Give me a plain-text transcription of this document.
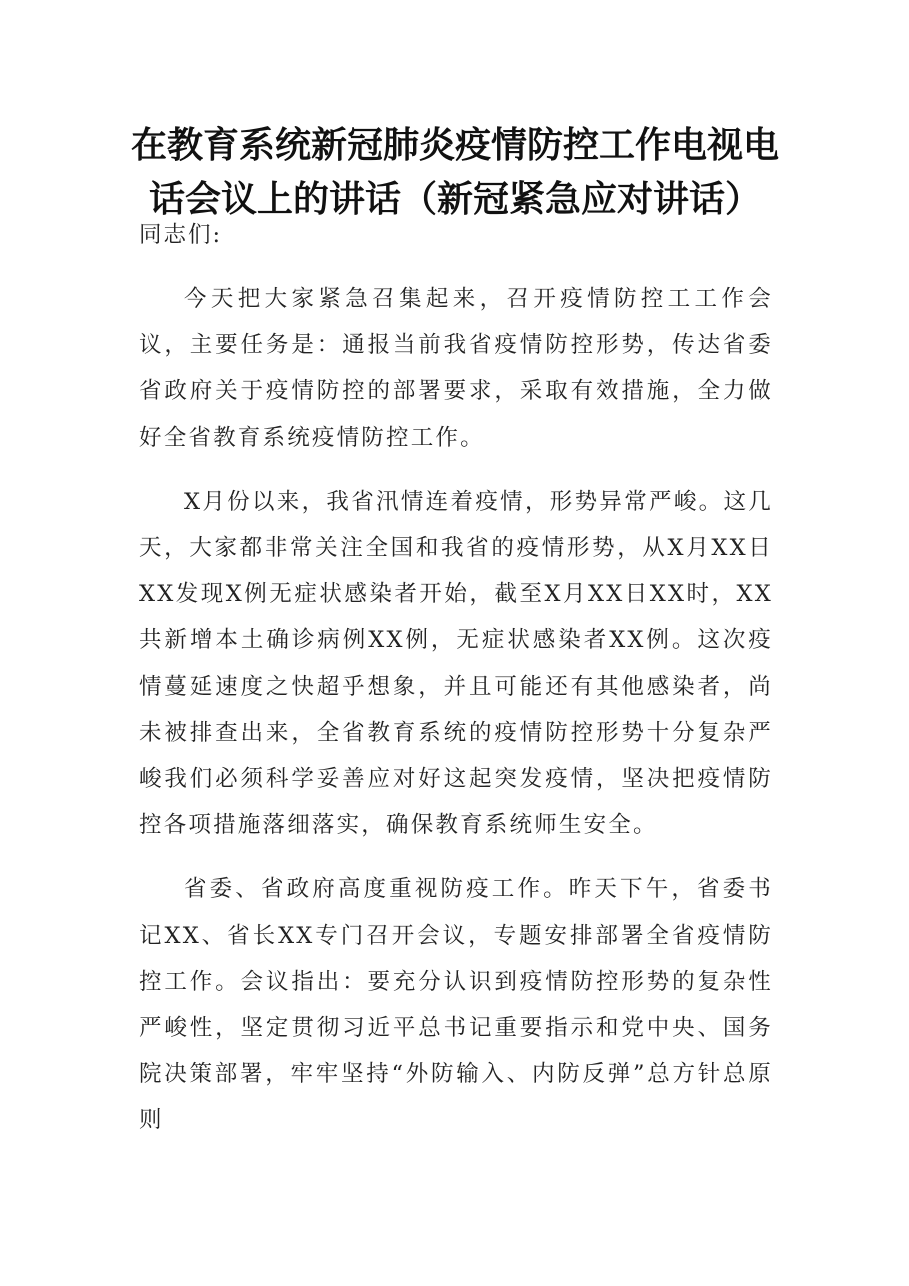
在教育系统新冠肺炎疫情防控工作电视电话会议上的讲话（新冠紧急应对讲话）

同志们:

今天把大家紧急召集起来，召开疫情防控工工作会议，主要任务是：通报当前我省疫情防控形势，传达省委省政府关于疫情防控的部署要求，采取有效措施，全力做好全省教育系统疫情防控工作。

X月份以来，我省汛情连着疫情，形势异常严峻。这几天，大家都非常关注全国和我省的疫情形势，从X月XX日XX发现X例无症状感染者开始，截至X月XX日XX时，XX共新增本土确诊病例XX例，无症状感染者XX例。这次疫情蔓延速度之快超乎想象，并且可能还有其他感染者，尚未被排查出来，全省教育系统的疫情防控形势十分复杂严峻我们必须科学妥善应对好这起突发疫情，坚决把疫情防控各项措施落细落实，确保教育系统师生安全。

省委、省政府高度重视防疫工作。昨天下午，省委书记XX、省长XX专门召开会议，专题安排部署全省疫情防控工作。会议指出：要充分认识到疫情防控形势的复杂性严峻性，坚定贯彻习近平总书记重要指示和党中央、国务院决策部署，牢牢坚持“外防输入、内防反弹”总方针总原则
